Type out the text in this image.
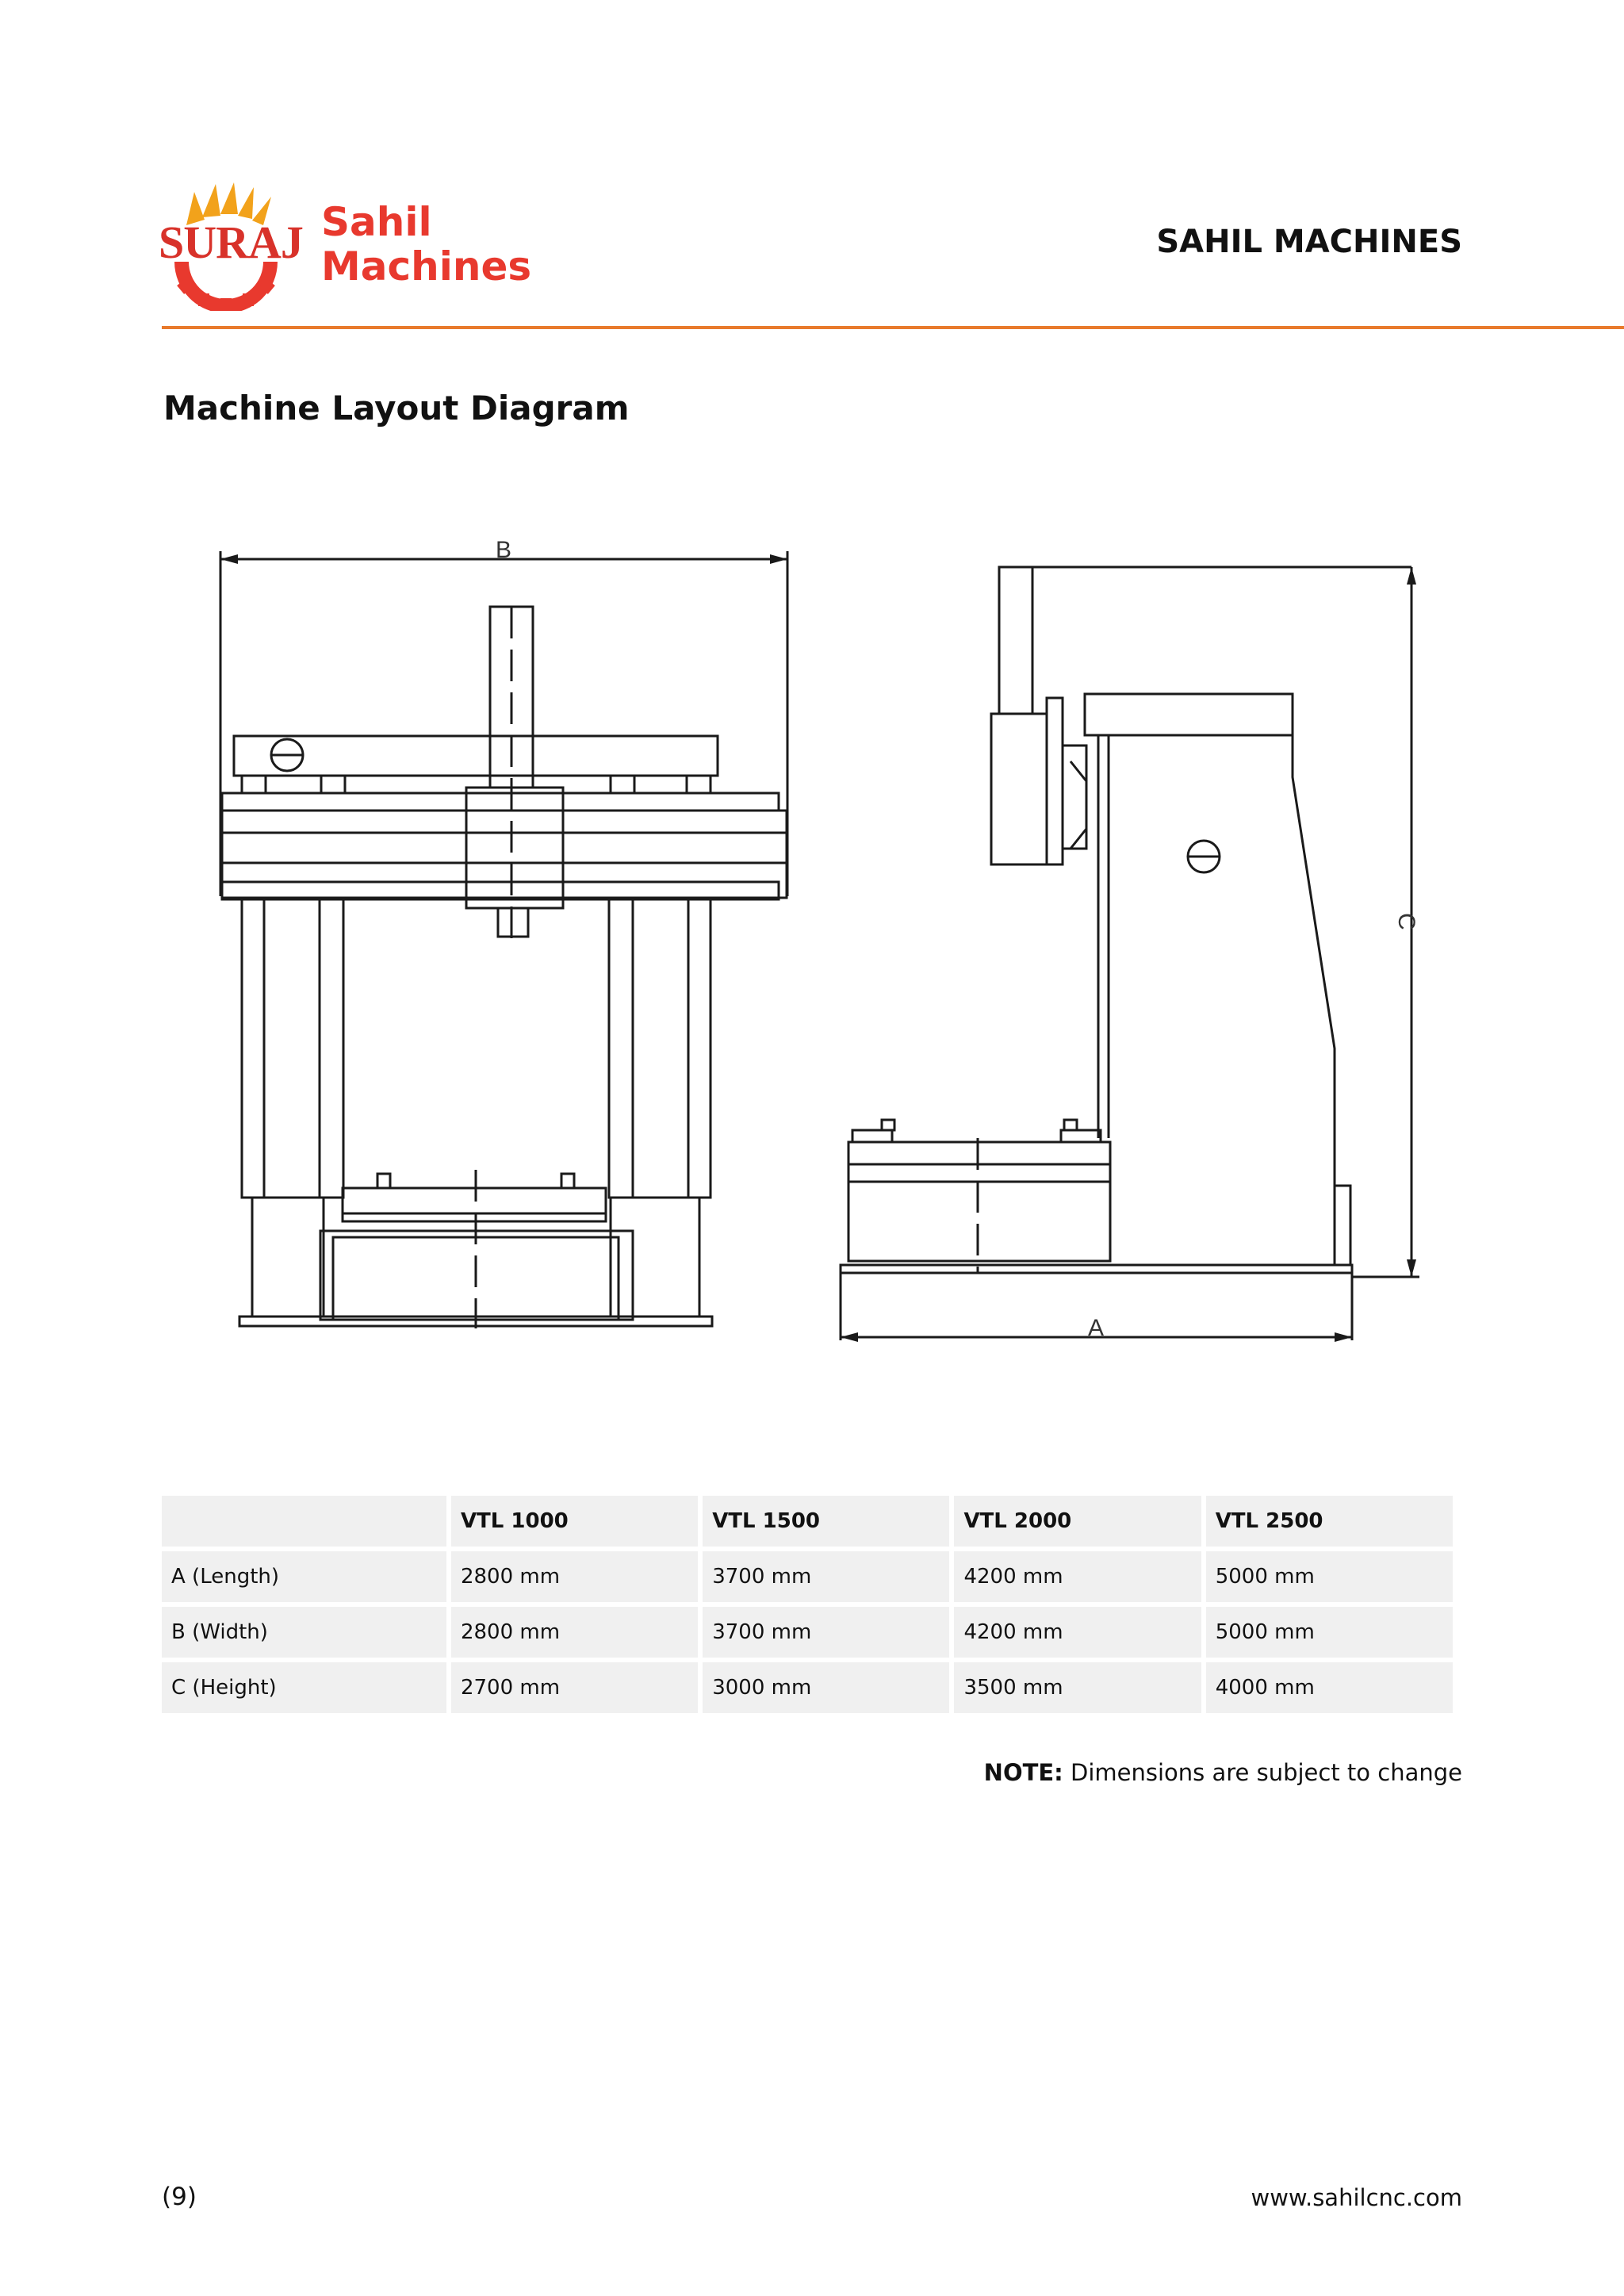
SURAJ Sahil
Machines
SAHIL MACHINES
Machine Layout Diagram
B
A
C
	VTL 1000	VTL 1500	VTL 2000	VTL 2500
A (Length)	2800 mm	3700 mm	4200 mm	5000 mm
B (Width)	2800 mm	3700 mm	4200 mm	5000 mm
C (Height)	2700 mm	3000 mm	3500 mm	4000 mm
NOTE: Dimensions are subject to change
(9)	www.sahilcnc.com
